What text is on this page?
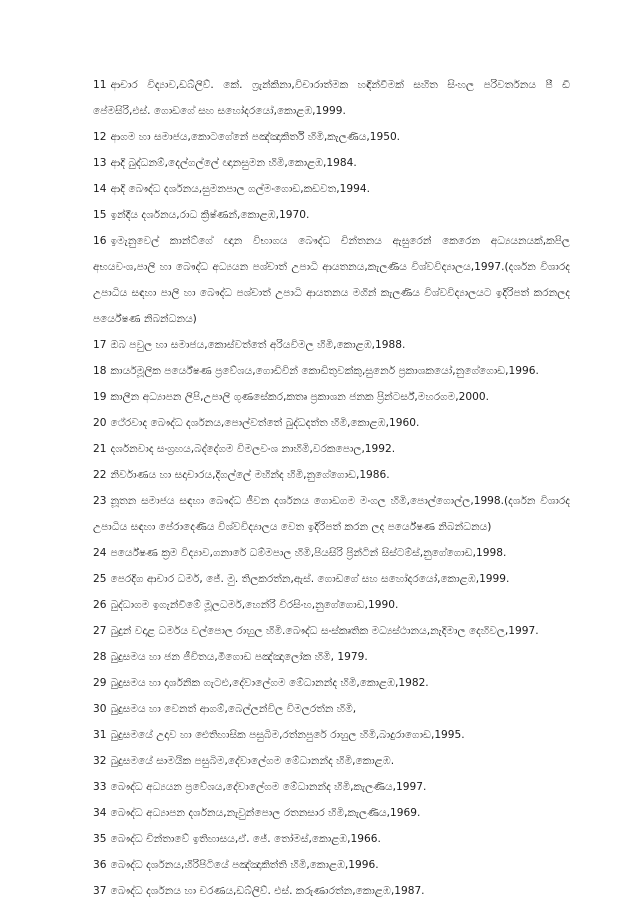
11 ආචාර විද්‍යාව,ඩබ්ලිව්. කේ. ෆ්‍රැන්කිනා,විචාරාත්මක හඳින්වීමක් සහිත සිංහල පරිවර්තනය පී ඩී පේමසිරි,එස්. ගොඩගේ සහ සහෝදරයෝ,කොළඹ,1999.

12 ආගම හා සමාජය,කොටගේනේ පඤ්ඤාකිර්ති හිමි,කැලණිය,1950.

13 ආදි බුද්ධනම්,දෙල්ගල්ලේ ඥානසුමන හිමි,කොළඹ,1984.

14 ආදි බෞද්ධ දර්ශනය,සුමනපාල ගල්මංගොඩ,කඩවත,1994.

15 ඉන්දීය දර්ශනය,රාධ ක්‍රිෂ්ණන්,කොළඹ,1970.

16 ඉමැනුවෙල් කාන්ට්ගේ ඥාන විභාගය බෞද්ධ චින්තනය ඇසුරෙන් කෙරෙන අධ්‍යයනයක්,කපිල අභයවංශ,පාලි හා බෞද්ධ අධ්‍යයන පශ්චාත් උපාධි ආයතනය,කැලණිය විශ්වවිද්‍යාලය,1997.(දර්ශන විශාරද උපාධිය සඳහා පාලි හා බෞද්ධ පශ්චාත් උපාධි ආයතනය මගින් කැලණිය විශ්වවිද්‍යාලයට ඉදිරිපත් කරනලද පර්යේෂණ නිබන්ධනය)

17 ඔබ පවුල හා සමාජය,කොස්වත්තේ අරියවිමල හිමි,කොළඹ,1988.

18 කාර්යමූලික පර්යේෂණ ප්‍රවේශය,ගොඩිවින් කොඩිතුවක්කු,සුනෙර් ප්‍රකාශකයෝ,නුගේගොඩ,1996.

19 කාලීන අධ්‍යාපන ලිපි,උපාලි ගුණසේකර,කතෘ ප්‍රකාශන ජනක ප්‍රින්ටර්ස්,මහරගම,2000.

20 ථේරවාද බෞද්ධ දර්ශනය,පොල්වත්තේ බුද්ධදත්ත හිමි,කොළඹ,1960.

21 දර්ශනවාද සංග්‍රහය,බද්දේගම විමලවංශ නාහිමි,වරකපොල,1992.

22 නිර්වාණය හා සදාචාරය,දිගල්ලේ මහින්ද හිමි,නුගේගොඩ,1986.

23 නූතන සමාජය සඳහා බෞද්ධ ජීවන දර්ශනය ගොඩගම මංගල හිමි,පොල්ගොල්ල,1998.(දර්ශන විශාරද උපාධිය සඳහා පේරාදෙණිය විශ්වවිද්‍යාලය වෙත ඉදිරිපත් කරන ලද පර්යේෂණ නිබන්ධනය)

24 පර්යේෂණ ක්‍රම විද්‍යාව,ගනාරේ ධම්මපාල හිමි,පියසිරි ප්‍රින්ටින් සිස්ටම්ස්,නුගේගොඩ,1998.

25 පෙරදිග ආචාර ධර්ම, ජේ. මු. තිලකරත්න,ඇස්. ගොඩගේ සහ සහෝදරයෝ,කොළඹ,1999.

26 බුද්ධාගම ඉගැන්වීමේ මූලධර්ම,හෙන්රි විරසිංහ,නුගේගොඩ,1990.

27 බුදුන් වදාළ ධර්මය වල්පොල රාහුල හිමි.බෞද්ධ සංස්කෘතික මධ්‍යස්ථානය,නැදිමාල දෙහිවල,1997.

28 බුදුසමය හා ජන ජීවිතය,මීගොඩ පඤ්ඤාලෝක හිමි, 1979.

29 බුදුසමය හා දාර්ශනික ගැටළු,දේවාලේගම මේධානන්ද හිමි,කොළඹ,1982.

30 බුදුසමය හා වෙනත් ආගම්,බෙල්ලන්විල විමලරත්න හිමි,

31 බුදුසමයේ උදාව හා ඓතිහාසික පසුබිම,රත්නපුරේ රාහුල හිමි,බාදුරාගොඩ,1995.

32 බුදුසමයේ සාමයික පසුබිම,දේවාලේගම මේධානන්ද හිමි,කොළඹ.

33 බෞද්ධ අධ්‍යයන ප්‍රවේශය,දේවාලේගම මේධානන්ද හිමි,කැලණිය,1997.

34 බෞද්ධ අධ්‍යාපන දර්ශනය,නැවුන්පොල රතනසාර හිමි,කැලණිය,1969.

35 බෞද්ධ චින්තාවේ ඉතිහාසය,ඒ. ජේ. තෝමස්,කොළඹ,1966.

36 බෞද්ධ දර්ශනය,හිරිපිටියේ පඤ්ඤාකිත්ති හිමි,කොළඹ,1996.

37 බෞද්ධ දර්ශනය හා චරණය,ඩබ්ලිව්. එස්. කරුණාරත්න,කොළඹ,1987.
